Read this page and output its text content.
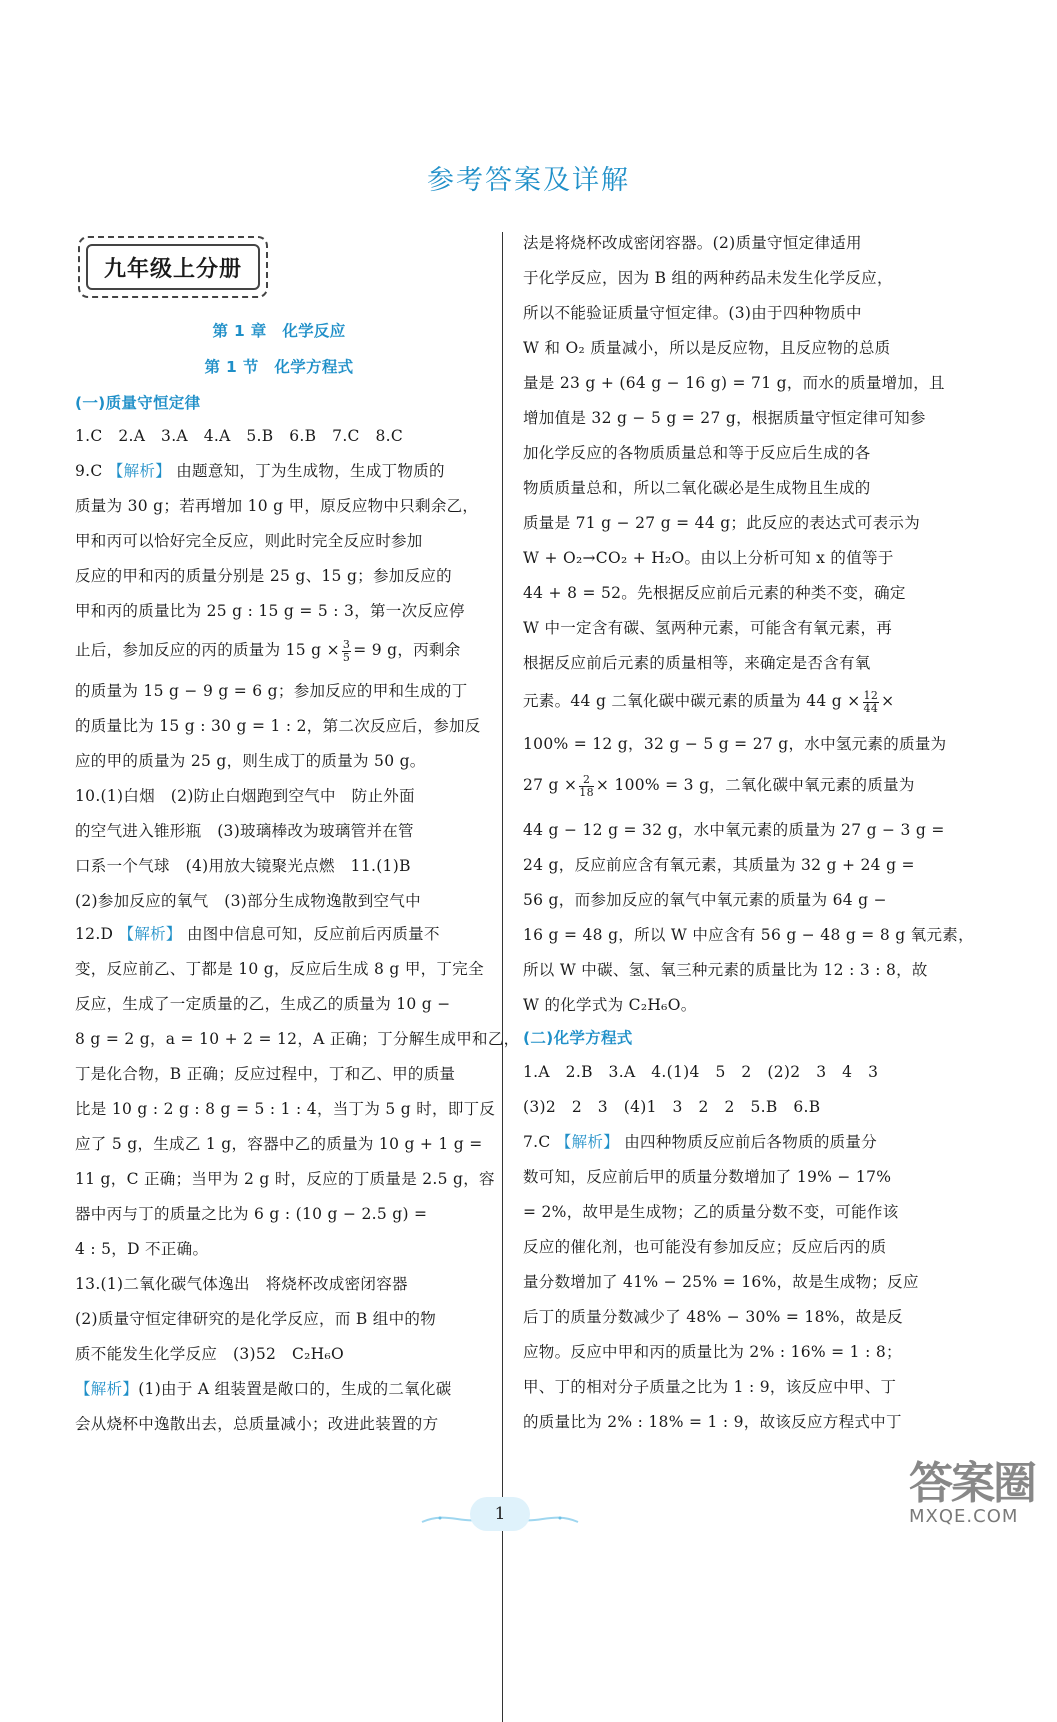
参考答案及详解
九年级上分册
第 1 章　化学反应
第 1 节　化学方程式
(一)质量守恒定律
1.C　2.A　3.A　4.A　5.B　6.B　7.C　8.C
9.C 【解析】 由题意知，丁为生成物，生成丁物质的
质量为 30 g；若再增加 10 g 甲，原反应物中只剩余乙，
甲和丙可以恰好完全反应，则此时完全反应时参加
反应的甲和丙的质量分别是 25 g、15 g；参加反应的
甲和丙的质量比为 25 g : 15 g = 5 : 3，第一次反应停
止后，参加反应的丙的质量为 15 $g \times \frac{3}{5} = 9$ g，丙剩余
的质量为 15 g − 9 g = 6 g；参加反应的甲和生成的丁
的质量比为 15 g : 30 g = 1 : 2，第二次反应后，参加反
应的甲的质量为 25 g，则生成丁的质量为 50 g。
10.(1)白烟　(2)防止白烟跑到空气中　防止外面
的空气进入锥形瓶　(3)玻璃棒改为玻璃管并在管
口系一个气球　(4)用放大镜聚光点燃　11.(1)B
(2)参加反应的氧气　(3)部分生成物逸散到空气中
12.D 【解析】 由图中信息可知，反应前后丙质量不
变，反应前乙、丁都是 10 g，反应后生成 8 g 甲，丁完全
反应，生成了一定质量的乙，生成乙的质量为 10 g −
8 g = 2 g，a = 10 + 2 = 12，A 正确；丁分解生成甲和乙，
丁是化合物，B 正确；反应过程中，丁和乙、甲的质量
比是 10 g : 2 g : 8 g = 5 : 1 : 4，当丁为 5 g 时，即丁反
应了 5 g，生成乙 1 g，容器中乙的质量为 10 g + 1 g =
11 g，C 正确；当甲为 2 g 时，反应的丁质量是 2.5 g，容
器中丙与丁的质量之比为 6 g : (10 g − 2.5 g) =
4 : 5，D 不正确。
13.(1)二氧化碳气体逸出　将烧杯改成密闭容器
(2)质量守恒定律研究的是化学反应，而 B 组中的物
质不能发生化学反应　(3)52　C₂H₆O
【解析】(1)由于 A 组装置是敞口的，生成的二氧化碳
会从烧杯中逸散出去，总质量减小；改进此装置的方
法是将烧杯改成密闭容器。(2)质量守恒定律适用
于化学反应，因为 B 组的两种药品未发生化学反应，
所以不能验证质量守恒定律。(3)由于四种物质中
W 和 O₂ 质量减小，所以是反应物，且反应物的总质
量是 23 g + (64 g − 16 g) = 71 g，而水的质量增加，且
增加值是 32 g − 5 g = 27 g，根据质量守恒定律可知参
加化学反应的各物质质量总和等于反应后生成的各
物质质量总和，所以二氧化碳必是生成物且生成的
质量是 71 g − 27 g = 44 g；此反应的表达式可表示为
W + O₂→CO₂ + H₂O。由以上分析可知 x 的值等于
44 + 8 = 52。先根据反应前后元素的种类不变，确定
W 中一定含有碳、氢两种元素，可能含有氧元素，再
根据反应前后元素的质量相等，来确定是否含有氧
元素。44 g 二氧化碳中碳元素的质量为 44 $g \times \frac{12}{44}$ ×
100% = 12 g，32 g − 5 g = 27 g，水中氢元素的质量为
27 $g \times \frac{2}{18} \times 100\% = 3$ g，二氧化碳中氧元素的质量为
44 g − 12 g = 32 g，水中氧元素的质量为 27 g − 3 g =
24 g，反应前应含有氧元素，其质量为 32 g + 24 g =
56 g，而参加反应的氧气中氧元素的质量为 64 g −
16 g = 48 g，所以 W 中应含有 56 g − 48 g = 8 g 氧元素，
所以 W 中碳、氢、氧三种元素的质量比为 12 : 3 : 8，故
W 的化学式为 C₂H₆O。
(二)化学方程式
1.A　2.B　3.A　4.(1)4　5　2　(2)2　3　4　3
(3)2　2　3　(4)1　3　2　2　5.B　6.B
7.C 【解析】 由四种物质反应前后各物质的质量分
数可知，反应前后甲的质量分数增加了 19% − 17%
= 2%，故甲是生成物；乙的质量分数不变，可能作该
反应的催化剂，也可能没有参加反应；反应后丙的质
量分数增加了 41% − 25% = 16%，故是生成物；反应
后丁的质量分数减少了 48% − 30% = 18%，故是反
应物。反应中甲和丙的质量比为 2% : 16% = 1 : 8；
甲、丁的相对分子质量之比为 1 : 9，该反应中甲、丁
的质量比为 2% : 18% = 1 : 9，故该反应方程式中丁
1
答案圈
MXQE.COM
